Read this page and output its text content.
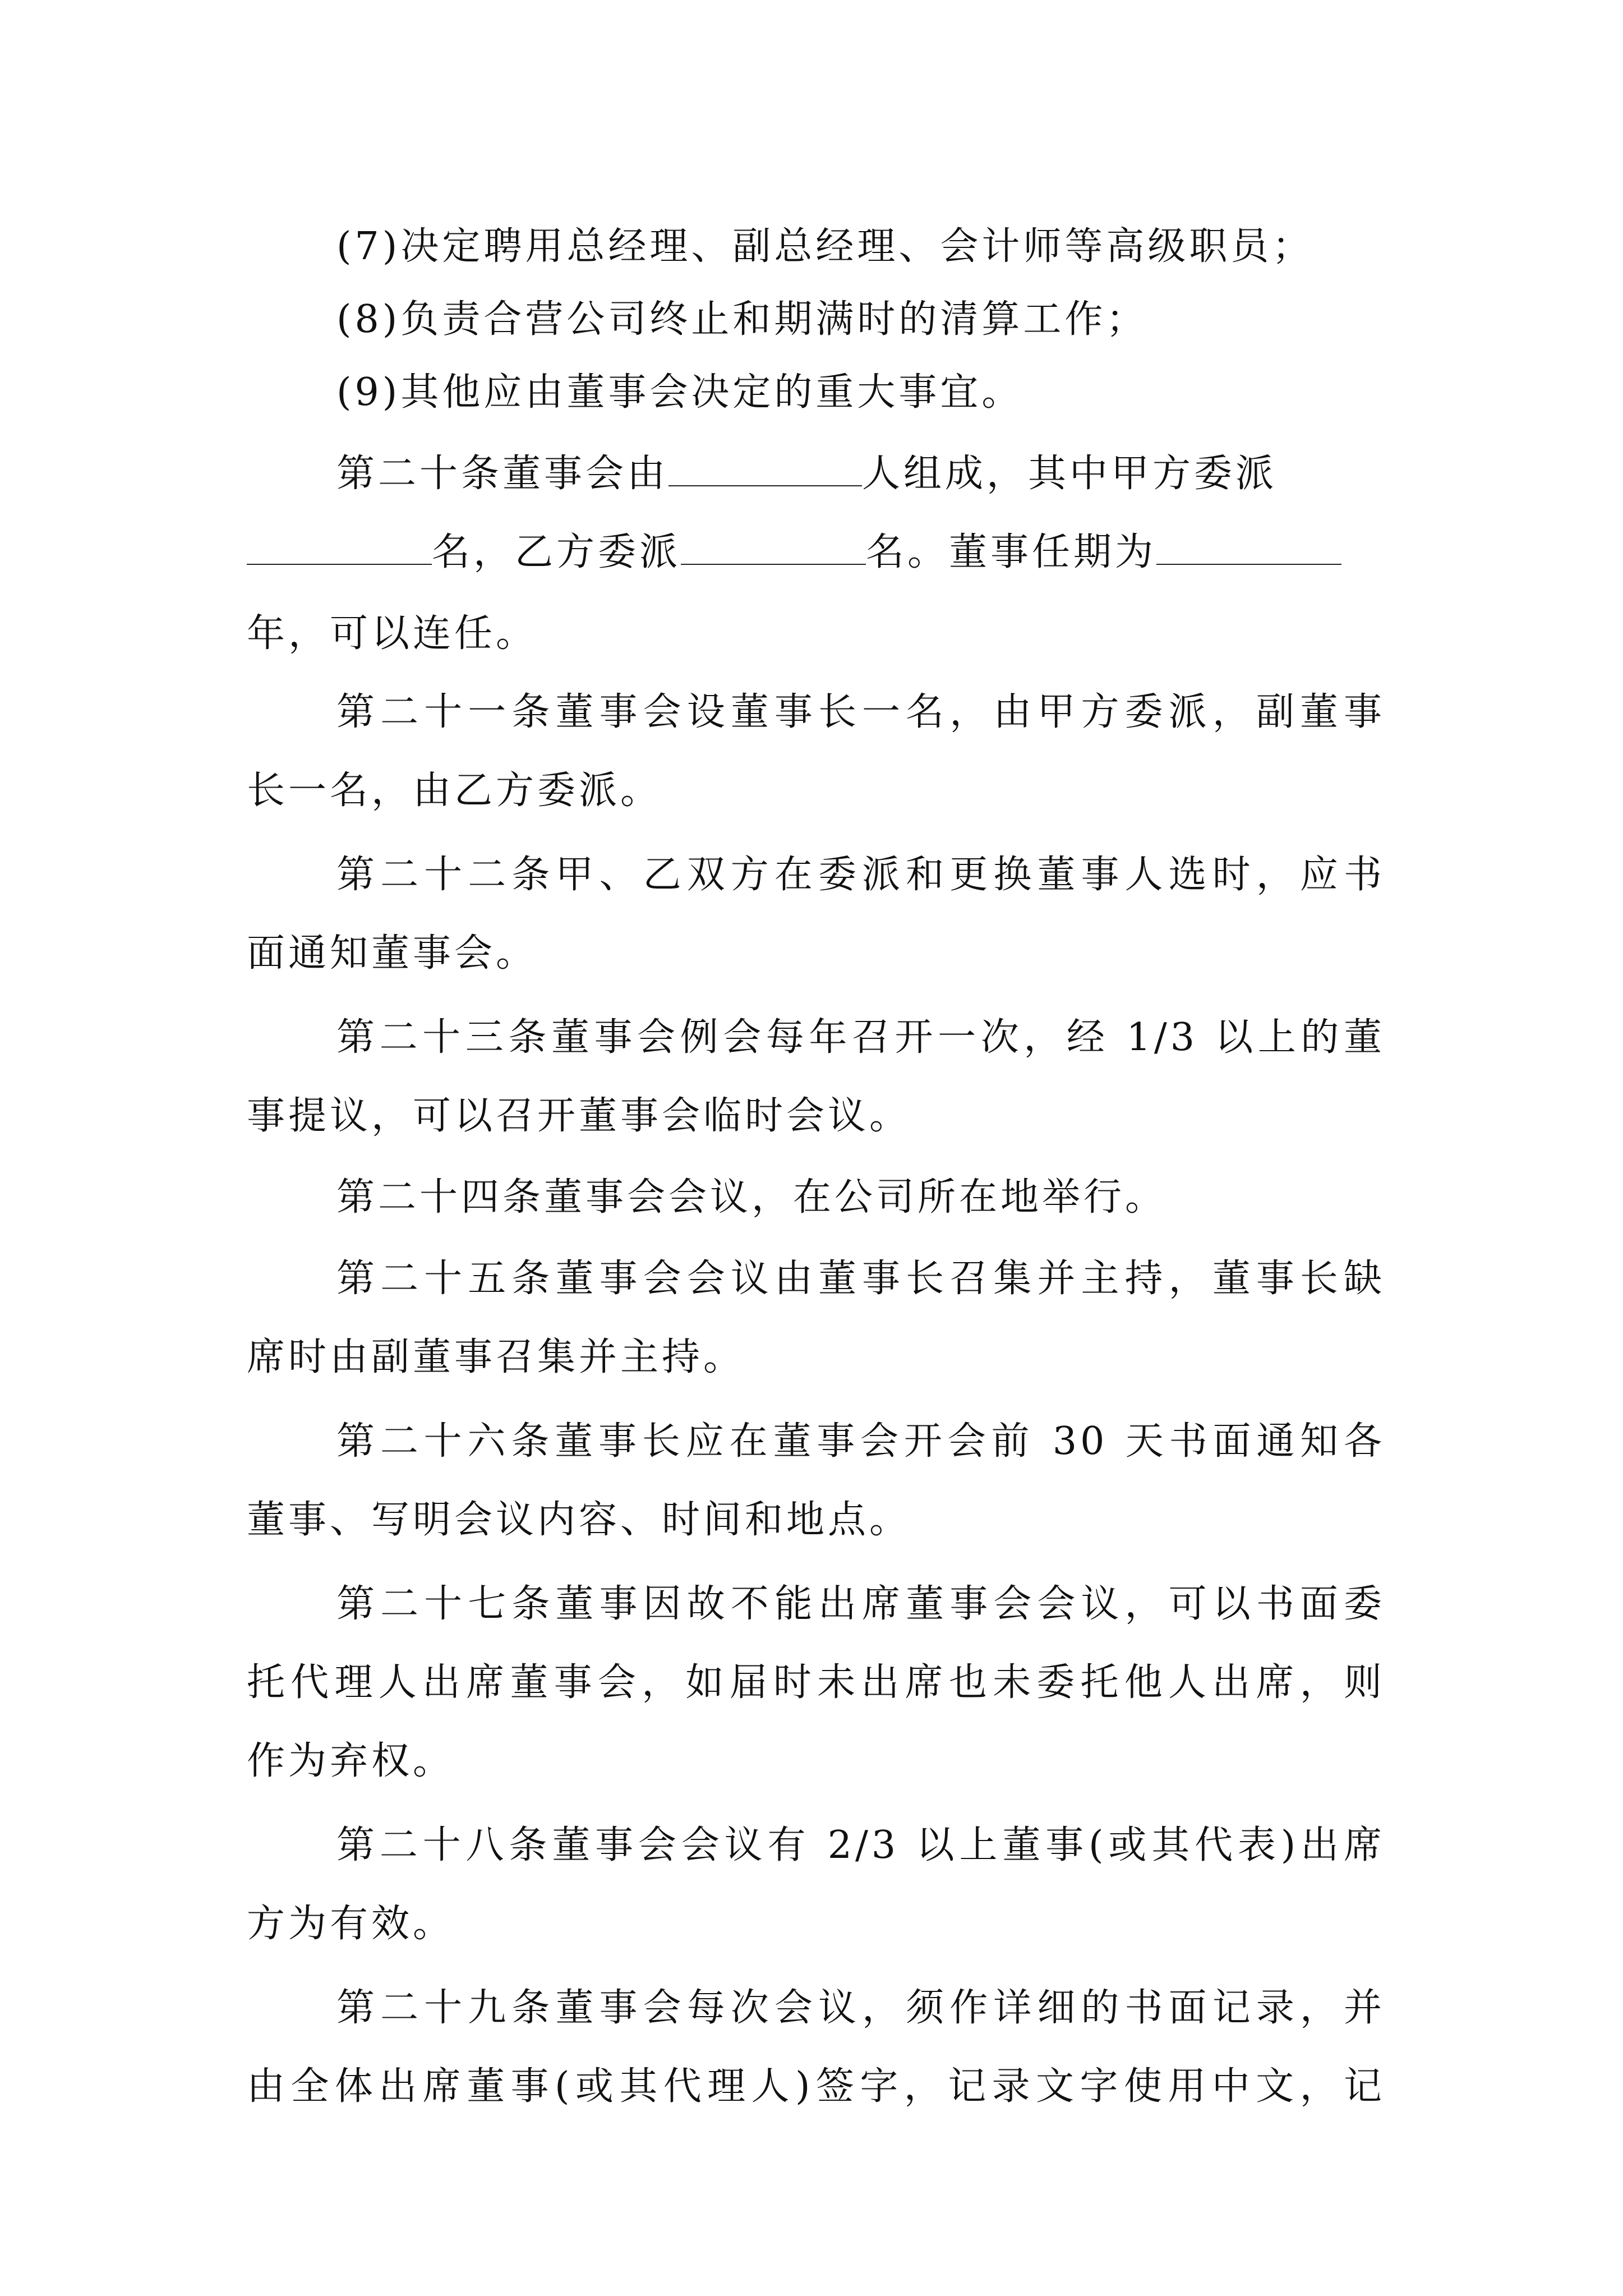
(7)决定聘用总经理、副总经理、会计师等高级职员；
(8)负责合营公司终止和期满时的清算工作；
(9)其他应由董事会决定的重大事宜。
第二十条董事会由	人组成，其中甲方委派
名，乙方委派	名。董事任期为
年，可以连任。
第二十一条董事会设董事长一名，由甲方委派，副董事
长一名，由乙方委派。
第二十二条甲、乙双方在委派和更换董事人选时，应书
面通知董事会。
第二十三条董事会例会每年召开一次，经 1/3 以上的董
事提议，可以召开董事会临时会议。
第二十四条董事会会议，在公司所在地举行。
第二十五条董事会会议由董事长召集并主持，董事长缺
席时由副董事召集并主持。
第二十六条董事长应在董事会开会前 30 天书面通知各
董事、写明会议内容、时间和地点。
第二十七条董事因故不能出席董事会会议，可以书面委
托代理人出席董事会，如届时未出席也未委托他人出席，则
作为弃权。
第二十八条董事会会议有 2/3 以上董事(或其代表)出席
方为有效。
第二十九条董事会每次会议，须作详细的书面记录，并
由全体出席董事(或其代理人)签字，记录文字使用中文，记
